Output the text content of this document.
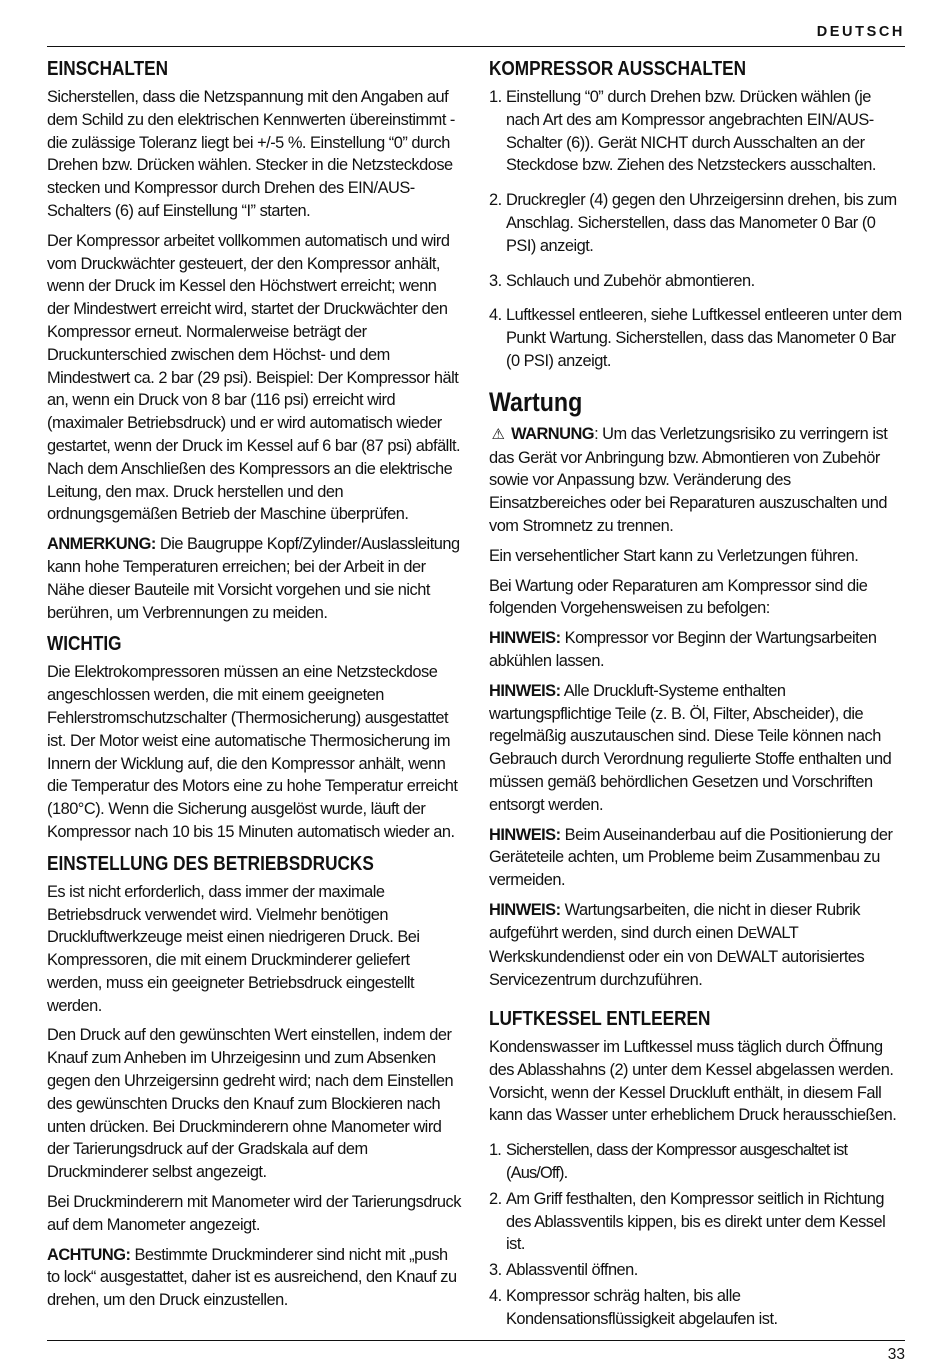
DEUTSCH
EINSCHALTEN

Sicherstellen, dass die Netzspannung mit den Angaben auf dem Schild zu den elektrischen Kennwerten übereinstimmt - die zulässige Toleranz liegt bei +/-5 %. Einstellung “0” durch Drehen bzw. Drücken wählen. Stecker in die Netzsteckdose stecken und Kompressor durch Drehen des EIN/AUS-Schalters (6) auf Einstellung “I” starten.

Der Kompressor arbeitet vollkommen automatisch und wird vom Druckwächter gesteuert, der den Kompressor anhält, wenn der Druck im Kessel den Höchstwert erreicht; wenn der Mindestwert erreicht wird, startet der Druckwächter den Kompressor erneut. Normalerweise beträgt der Druckunterschied zwischen dem Höchst- und dem Mindestwert ca. 2 bar (29 psi). Beispiel: Der Kompressor hält an, wenn ein Druck von 8 bar (116 psi) erreicht wird (maximaler Betriebsdruck) und er wird automatisch wieder gestartet, wenn der Druck im Kessel auf 6 bar (87 psi) abfällt. Nach dem Anschließen des Kompressors an die elektrische Leitung, den max. Druck herstellen und den ordnungsgemäßen Betrieb der Maschine überprüfen.

ANMERKUNG: Die Baugruppe Kopf/Zylinder/Auslassleitung kann hohe Temperaturen erreichen; bei der Arbeit in der Nähe dieser Bauteile mit Vorsicht vorgehen und sie nicht berühren, um Verbrennungen zu meiden.

WICHTIG

Die Elektrokompressoren müssen an eine Netzsteckdose angeschlossen werden, die mit einem geeigneten Fehlerstromschutzschalter (Thermosicherung) ausgestattet ist. Der Motor weist eine automatische Thermosicherung im Innern der Wicklung auf, die den Kompressor anhält, wenn die Temperatur des Motors eine zu hohe Temperatur erreicht (180°C). Wenn die Sicherung ausgelöst wurde, läuft der Kompressor nach 10 bis 15 Minuten automatisch wieder an.

EINSTELLUNG DES BETRIEBSDRUCKS

Es ist nicht erforderlich, dass immer der maximale Betriebsdruck verwendet wird. Vielmehr benötigen Druckluftwerkzeuge meist einen niedrigeren Druck. Bei Kompressoren, die mit einem Druckminderer geliefert werden, muss ein geeigneter Betriebsdruck eingestellt werden.

Den Druck auf den gewünschten Wert einstellen, indem der Knauf zum Anheben im Uhrzeigesinn und zum Absenken gegen den Uhrzeigersinn gedreht wird; nach dem Einstellen des gewünschten Drucks den Knauf zum Blockieren nach unten drücken. Bei Druckminderern ohne Manometer wird der Tarierungsdruck auf der Gradskala auf dem Druckminderer selbst angezeigt.

Bei Druckminderern mit Manometer wird der Tarierungsdruck auf dem Manometer angezeigt.

ACHTUNG: Bestimmte Druckminderer sind nicht mit „push to lock“ ausgestattet, daher ist es ausreichend, den Knauf zu drehen, um den Druck einzustellen.

KOMPRESSOR AUSSCHALTEN
1. Einstellung “0” durch Drehen bzw. Drücken wählen (je nach Art des am Kompressor angebrachten EIN/AUS-Schalter (6)). Gerät NICHT durch Ausschalten an der Steckdose bzw. Ziehen des Netzsteckers ausschalten.
2. Druckregler (4) gegen den Uhrzeigersinn drehen, bis zum Anschlag. Sicherstellen, dass das Manometer 0 Bar (0 PSI) anzeigt.
3. Schlauch und Zubehör abmontieren.
4. Luftkessel entleeren, siehe Luftkessel entleeren unter dem Punkt Wartung. Sicherstellen, dass das Manometer 0 Bar (0 PSI) anzeigt.
Wartung

⚠ WARNUNG: Um das Verletzungsrisiko zu verringern ist das Gerät vor Anbringung bzw. Abmontieren von Zubehör sowie vor Anpassung bzw. Veränderung des Einsatzbereiches oder bei Reparaturen auszuschalten und vom Stromnetz zu trennen.

Ein versehentlicher Start kann zu Verletzungen führen.

Bei Wartung oder Reparaturen am Kompressor sind die folgenden Vorgehensweisen zu befolgen:

HINWEIS: Kompressor vor Beginn der Wartungsarbeiten abkühlen lassen.

HINWEIS: Alle Druckluft-Systeme enthalten wartungspflichtige Teile (z. B. Öl, Filter, Abscheider), die regelmäßig auszutauschen sind. Diese Teile können nach Gebrauch durch Verordnung regulierte Stoffe enthalten und müssen gemäß behördlichen Gesetzen und Vorschriften entsorgt werden.

HINWEIS: Beim Auseinanderbau auf die Positionierung der Geräteteile achten, um Probleme beim Zusammenbau zu vermeiden.

HINWEIS: Wartungsarbeiten, die nicht in dieser Rubrik aufgeführt werden, sind durch einen DEWALT Werkskundendienst oder ein von DEWALT autorisiertes Servicezentrum durchzuführen.

LUFTKESSEL ENTLEEREN

Kondenswasser im Luftkessel muss täglich durch Öffnung des Ablasshahns (2) unter dem Kessel abgelassen werden. Vorsicht, wenn der Kessel Druckluft enthält, in diesem Fall kann das Wasser unter erheblichem Druck herausschießen.

1. Sicherstellen, dass der Kompressor ausgeschaltet ist (Aus/Off).
2. Am Griff festhalten, den Kompressor seitlich in Richtung des Ablassventils kippen, bis es direkt unter dem Kessel ist.
3. Ablassventil öffnen.
4. Kompressor schräg halten, bis alle Kondensationsflüssigkeit abgelaufen ist.
33
